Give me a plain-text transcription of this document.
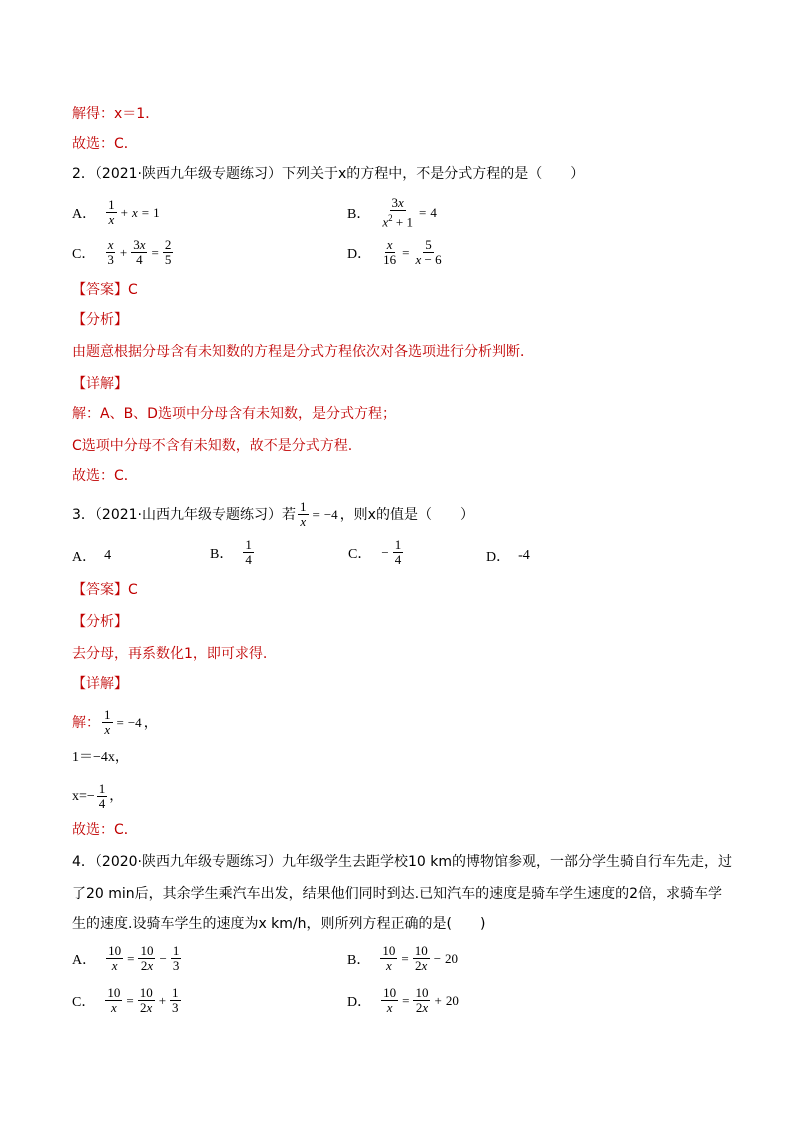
解得：x＝1．
故选：C．
2．（2021·陕西九年级专题练习）下列关于x的方程中，不是分式方程的是（　　）
A． $\frac{1}{x} + x = 1$	B． $\frac{3x}{x^2 + 1} = 4$
C． $\frac{x}{3} + \frac{3x}{4} = \frac{2}{5}$	D． $\frac{x}{16} = \frac{5}{x - 6}$
【答案】C
【分析】
由题意根据分母含有未知数的方程是分式方程依次对各选项进行分析判断．
【详解】
解：A、B、D选项中分母含有未知数，是分式方程；
C选项中分母不含有未知数，故不是分式方程.
故选：C．
3．（2021·山西九年级专题练习）若 $\frac{1}{x} = -4$ ，则x的值是（　　）
A． 4	B． $\frac{1}{4}$	C． − $\frac{1}{4}$	D． -4
【答案】C
【分析】
去分母，再系数化1，即可求得.
【详解】
解： $\frac{1}{x} = -4$ ，
1＝−4x，
$x=- \frac{1}{4}$ ，
故选：C．
4．（2020·陕西九年级专题练习）九年级学生去距学校10 km的博物馆参观，一部分学生骑自行车先走，过
了20 min后，其余学生乘汽车出发，结果他们同时到达.已知汽车的速度是骑车学生速度的2倍，求骑车学
生的速度.设骑车学生的速度为x km/h，则所列方程正确的是(　　)
A． $\frac{10}{x} = \frac{10}{2x} - \frac{1}{3}$	B． $\frac{10}{x} = \frac{10}{2x} - 20$
C． $\frac{10}{x} = \frac{10}{2x} + \frac{1}{3}$	D． $\frac{10}{x} = \frac{10}{2x} + 20$
